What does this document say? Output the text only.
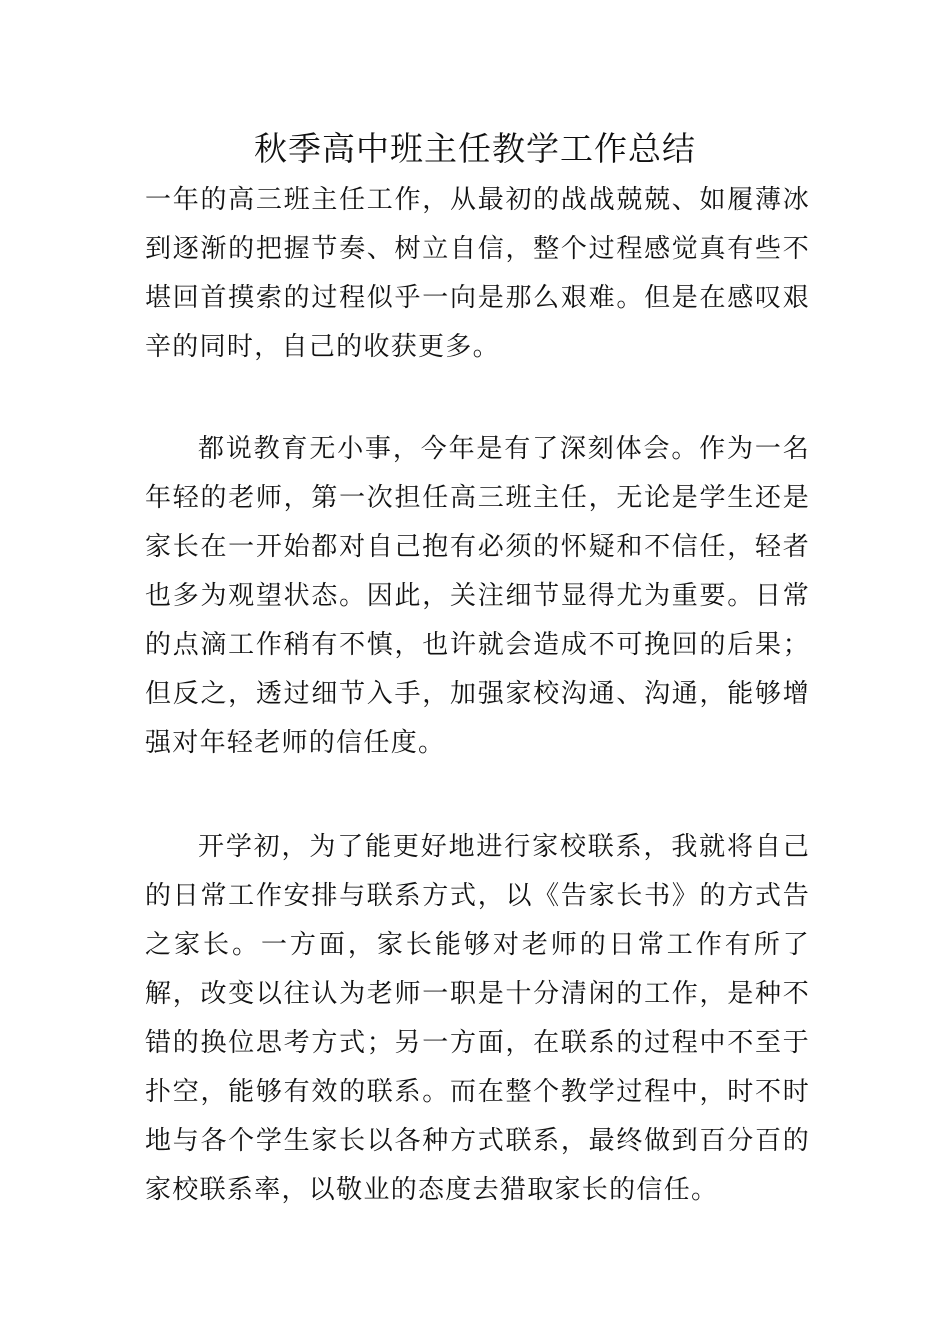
秋季高中班主任教学工作总结

一年的高三班主任工作，从最初的战战兢兢、如履薄冰到逐渐的把握节奏、树立自信，整个过程感觉真有些不堪回首摸索的过程似乎一向是那么艰难。但是在感叹艰辛的同时，自己的收获更多。

都说教育无小事，今年是有了深刻体会。作为一名年轻的老师，第一次担任高三班主任，无论是学生还是家长在一开始都对自己抱有必须的怀疑和不信任，轻者也多为观望状态。因此，关注细节显得尤为重要。日常的点滴工作稍有不慎，也许就会造成不可挽回的后果；但反之，透过细节入手，加强家校沟通、沟通，能够增强对年轻老师的信任度。

开学初，为了能更好地进行家校联系，我就将自己的日常工作安排与联系方式，以《告家长书》的方式告之家长。一方面，家长能够对老师的日常工作有所了解，改变以往认为老师一职是十分清闲的工作，是种不错的换位思考方式；另一方面，在联系的过程中不至于扑空，能够有效的联系。而在整个教学过程中，时不时地与各个学生家长以各种方式联系，最终做到百分百的家校联系率，以敬业的态度去猎取家长的信任。
